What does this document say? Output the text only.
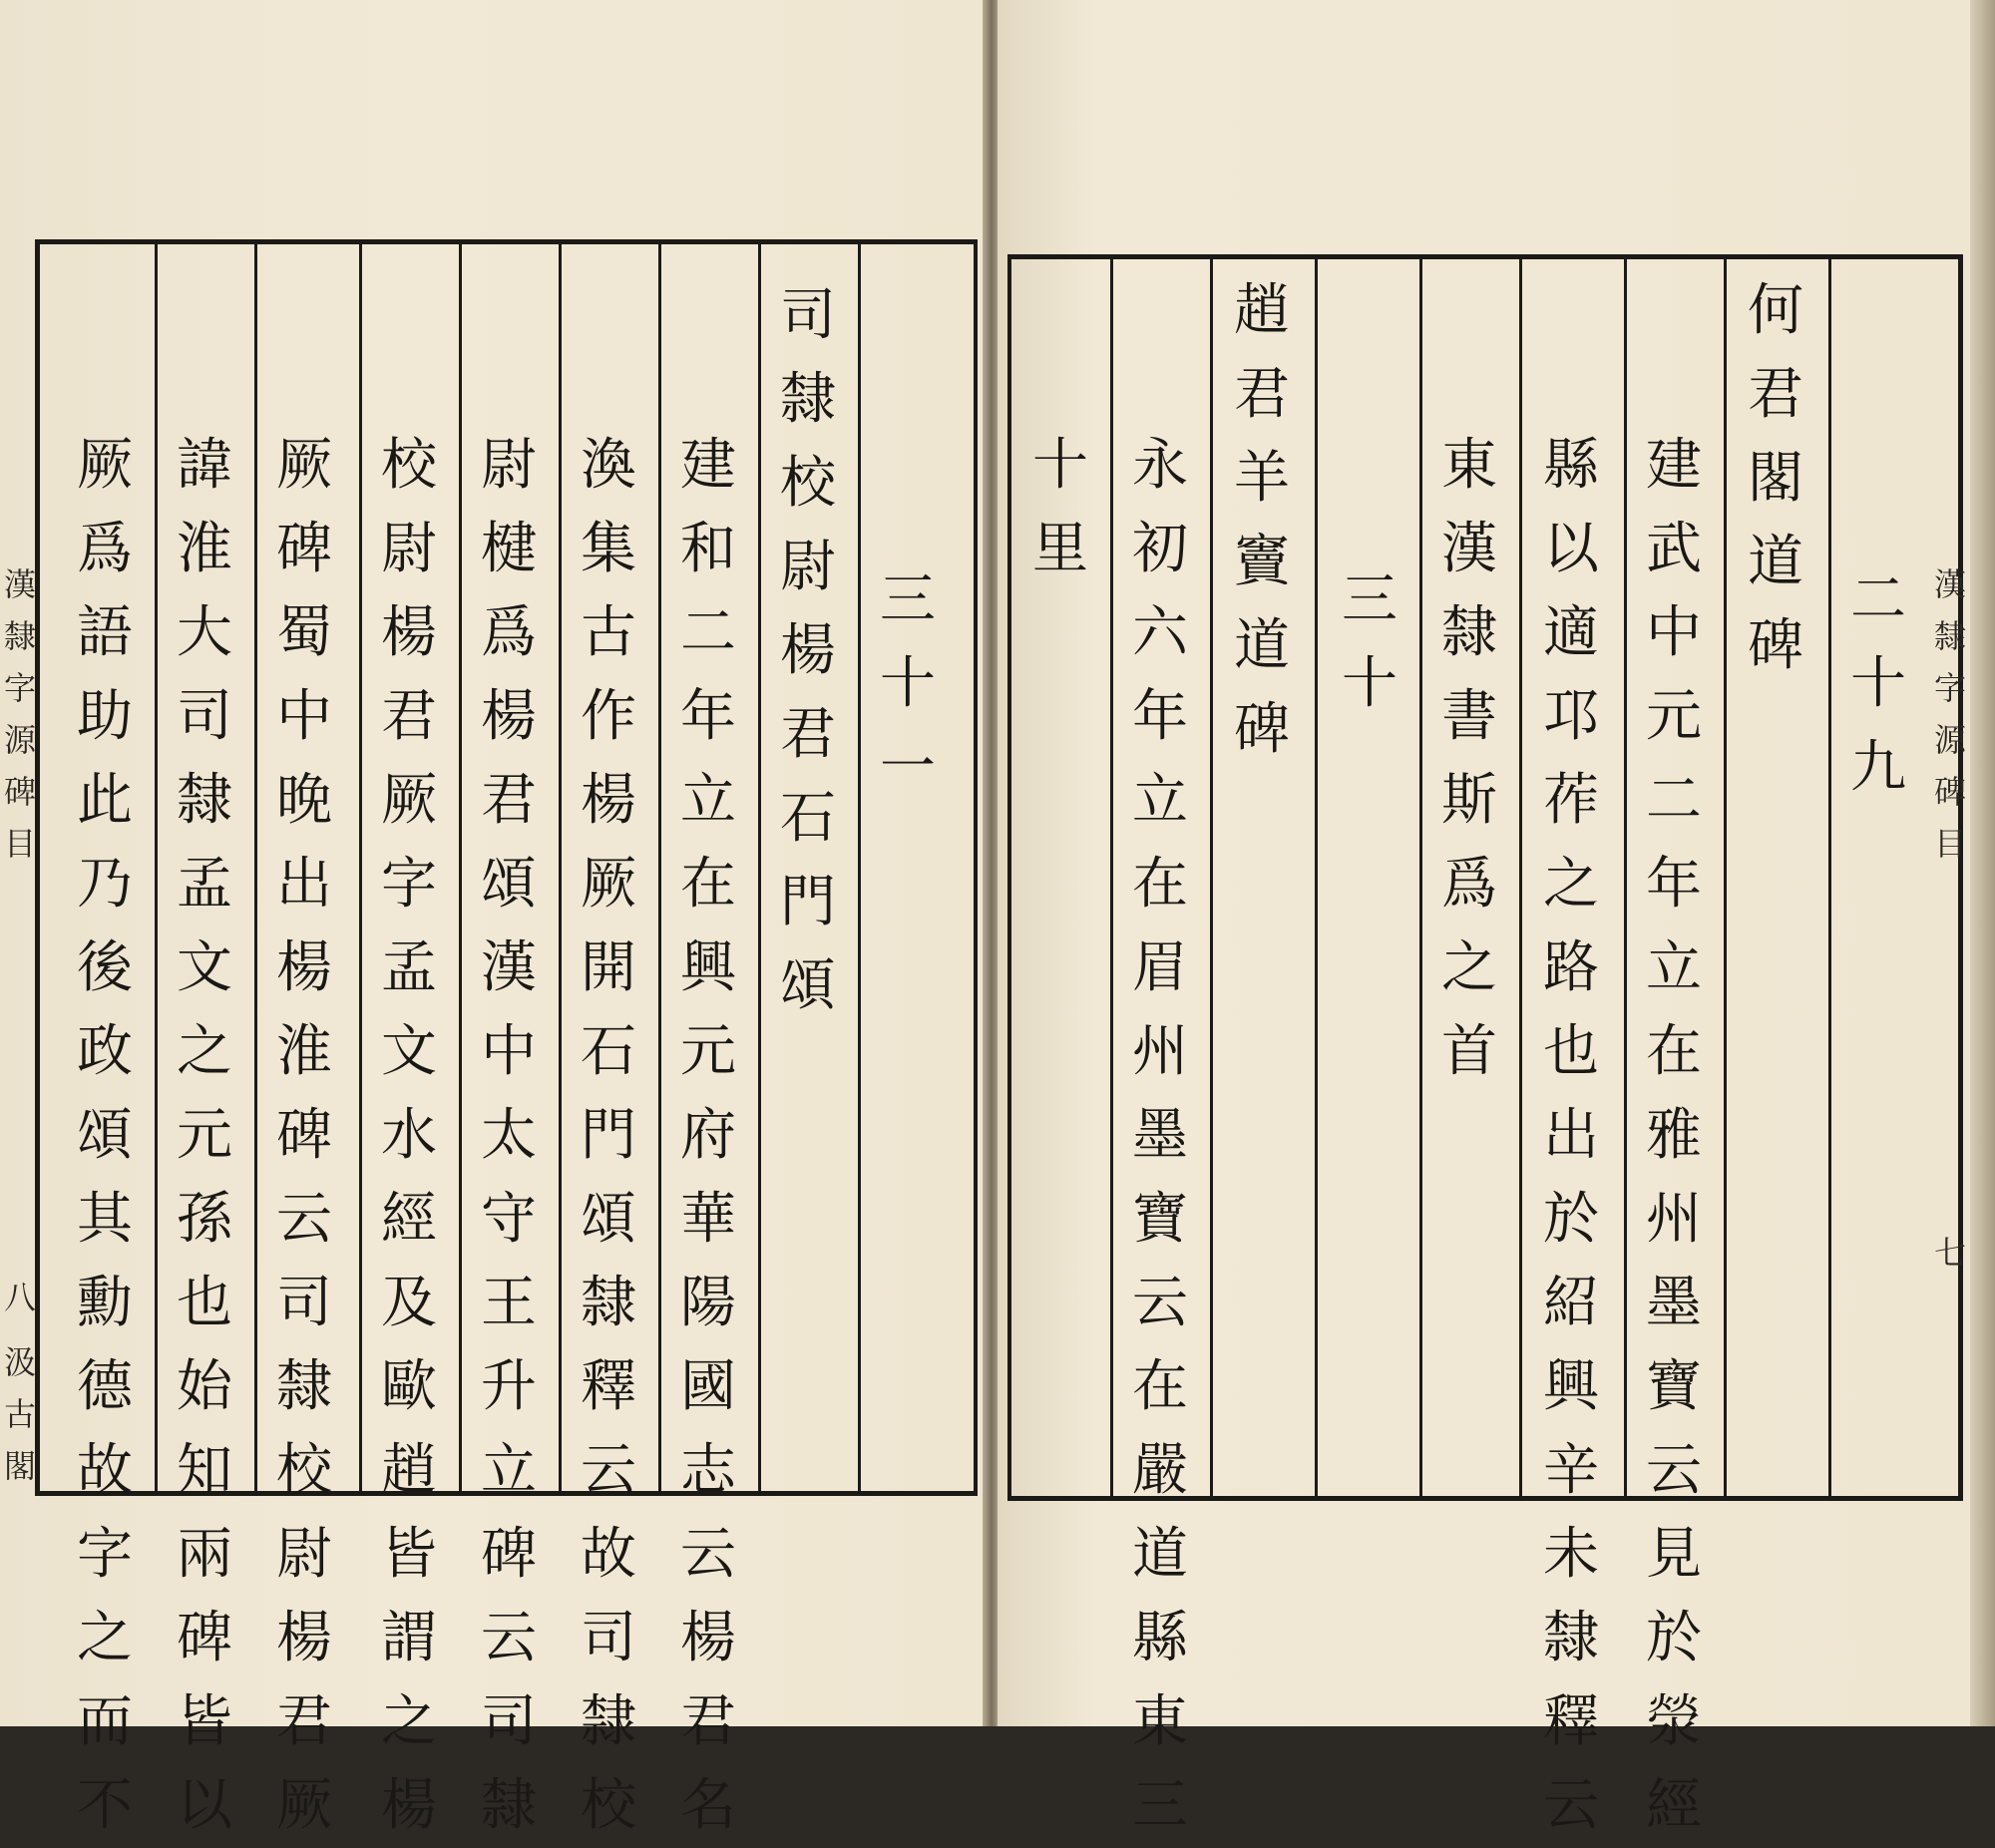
漢
隸
字
源
碑
目
八
汲
古
閣
三
十
一
司
隸
校
尉
楊
君
石
門
頌
建
和
二
年
立
在
興
元
府
華
陽
國
志
云
楊
君
名
渙
集
古
作
楊
厥
開
石
門
頌
隸
釋
云
故
司
隸
校
尉
楗
爲
楊
君
頌
漢
中
太
守
王
升
立
碑
云
司
隸
校
尉
楊
君
厥
字
孟
文
水
經
及
歐
趙
皆
謂
之
楊
厥
碑
蜀
中
晚
出
楊
淮
碑
云
司
隸
校
尉
楊
君
厥
諱
淮
大
司
隸
孟
文
之
元
孫
也
始
知
兩
碑
皆
以
厥
爲
語
助
此
乃
後
政
頌
其
勳
德
故
字
之
而
不
二
十
九
何
君
閣
道
碑
建
武
中
元
二
年
立
在
雅
州
墨
寶
云
見
於
滎
經
縣
以
適
邛
莋
之
路
也
出
於
紹
興
辛
未
隸
釋
云
東
漢
隸
書
斯
爲
之
首
三
十
趙
君
羊
竇
道
碑
永
初
六
年
立
在
眉
州
墨
寶
云
在
嚴
道
縣
東
三
十
里
漢
隸
字
源
碑
目
七
